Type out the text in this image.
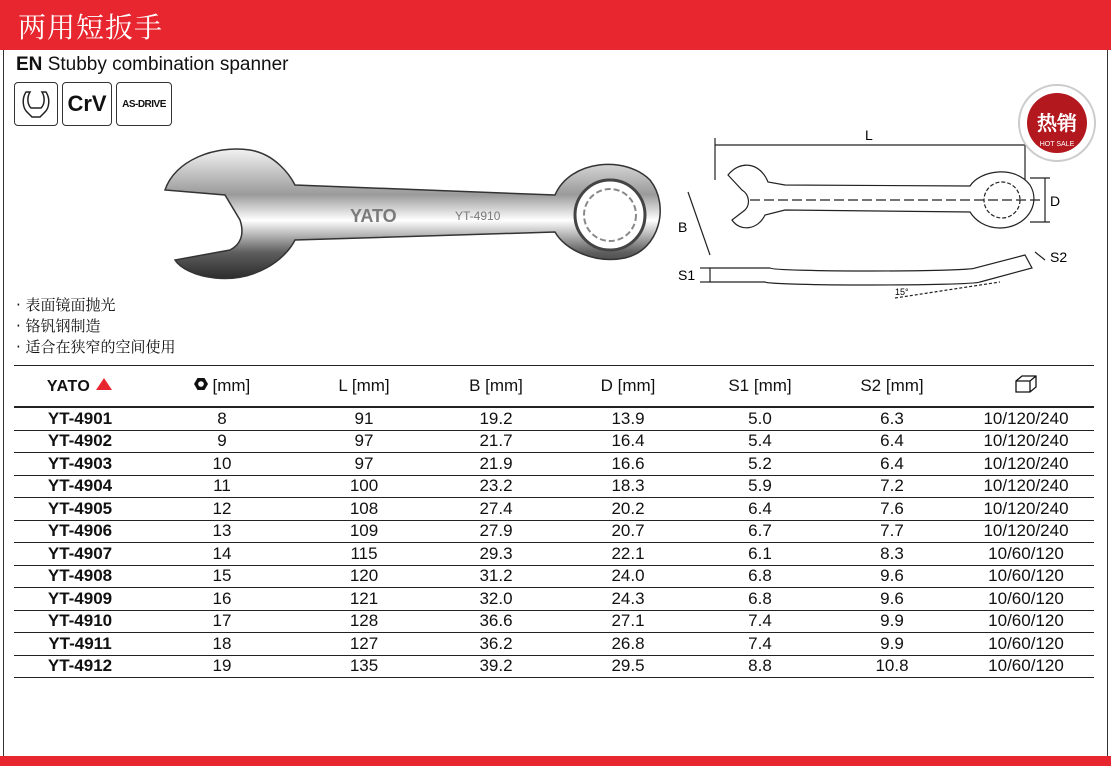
两用短扳手
EN Stubby combination spanner
CrV	AS-DRIVE
YATO	YT-4910
L
B
D
S1
S2
15°
热销
HOT SALE
· 表面镜面抛光
· 铬钒钢制造
· 适合在狭窄的空间使用
YATO	[mm]	L [mm]	B [mm]	D [mm]	S1 [mm]	S2 [mm]	
YT-4901	8	91	19.2	13.9	5.0	6.3	10/120/240
YT-4902	9	97	21.7	16.4	5.4	6.4	10/120/240
YT-4903	10	97	21.9	16.6	5.2	6.4	10/120/240
YT-4904	11	100	23.2	18.3	5.9	7.2	10/120/240
YT-4905	12	108	27.4	20.2	6.4	7.6	10/120/240
YT-4906	13	109	27.9	20.7	6.7	7.7	10/120/240
YT-4907	14	115	29.3	22.1	6.1	8.3	10/60/120
YT-4908	15	120	31.2	24.0	6.8	9.6	10/60/120
YT-4909	16	121	32.0	24.3	6.8	9.6	10/60/120
YT-4910	17	128	36.6	27.1	7.4	9.9	10/60/120
YT-4911	18	127	36.2	26.8	7.4	9.9	10/60/120
YT-4912	19	135	39.2	29.5	8.8	10.8	10/60/120
